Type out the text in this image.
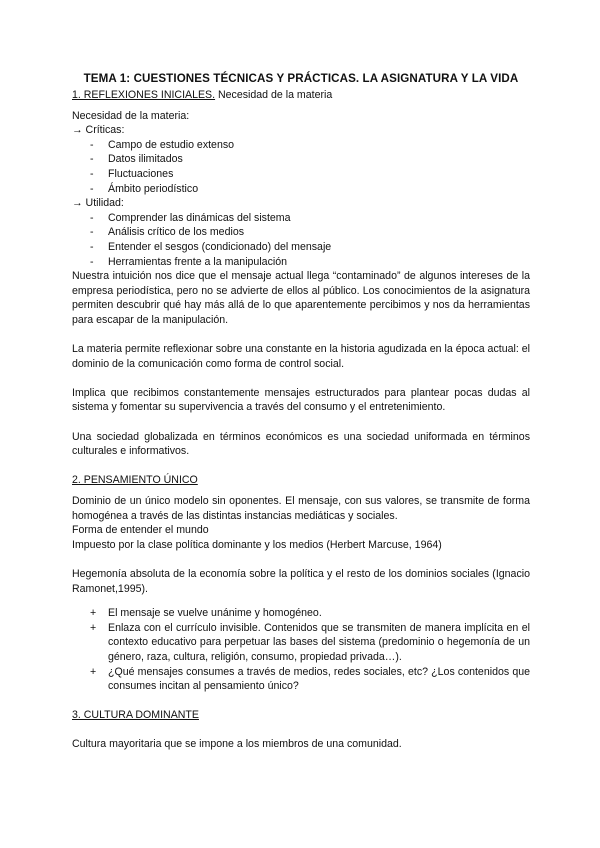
TEMA 1: CUESTIONES TÉCNICAS Y PRÁCTICAS. LA ASIGNATURA Y LA VIDA

1. REFLEXIONES INICIALES. Necesidad de la materia

Necesidad de la materia:

→ Críticas:

- Campo de estudio extenso
- Datos ilimitados
- Fluctuaciones
- Ámbito periodístico

→ Utilidad:

- Comprender las dinámicas del sistema
- Análisis crítico de los medios
- Entender el sesgos (condicionado) del mensaje
- Herramientas frente a la manipulación

Nuestra intuición nos dice que el mensaje actual llega “contaminado” de algunos intereses de la empresa periodística, pero no se advierte de ellos al público. Los conocimientos de la asignatura permiten descubrir qué hay más allá de lo que aparentemente percibimos y nos da herramientas para escapar de la manipulación.

La materia permite reflexionar sobre una constante en la historia agudizada en la época actual: el dominio de la comunicación como forma de control social.

Implica que recibimos constantemente mensajes estructurados para plantear pocas dudas al sistema y fomentar su supervivencia a través del consumo y el entretenimiento.

Una sociedad globalizada en términos económicos es una sociedad uniformada en términos culturales e informativos.

2. PENSAMIENTO ÚNICO

Dominio de un único modelo sin oponentes. El mensaje, con sus valores, se transmite de forma homogénea a través de las distintas instancias mediáticas y sociales.

Forma de entender el mundo

Impuesto por la clase política dominante y los medios (Herbert Marcuse, 1964)

Hegemonía absoluta de la economía sobre la política y el resto de los dominios sociales (Ignacio Ramonet,1995).

+ El mensaje se vuelve unánime y homogéneo.
+ Enlaza con el currículo invisible. Contenidos que se transmiten de manera implícita en el contexto educativo para perpetuar las bases del sistema (predominio o hegemonía de un género, raza, cultura, religión, consumo, propiedad privada…).
+ ¿Qué mensajes consumes a través de medios, redes sociales, etc? ¿Los contenidos que consumes incitan al pensamiento único?

3. CULTURA DOMINANTE

Cultura mayoritaria que se impone a los miembros de una comunidad.
